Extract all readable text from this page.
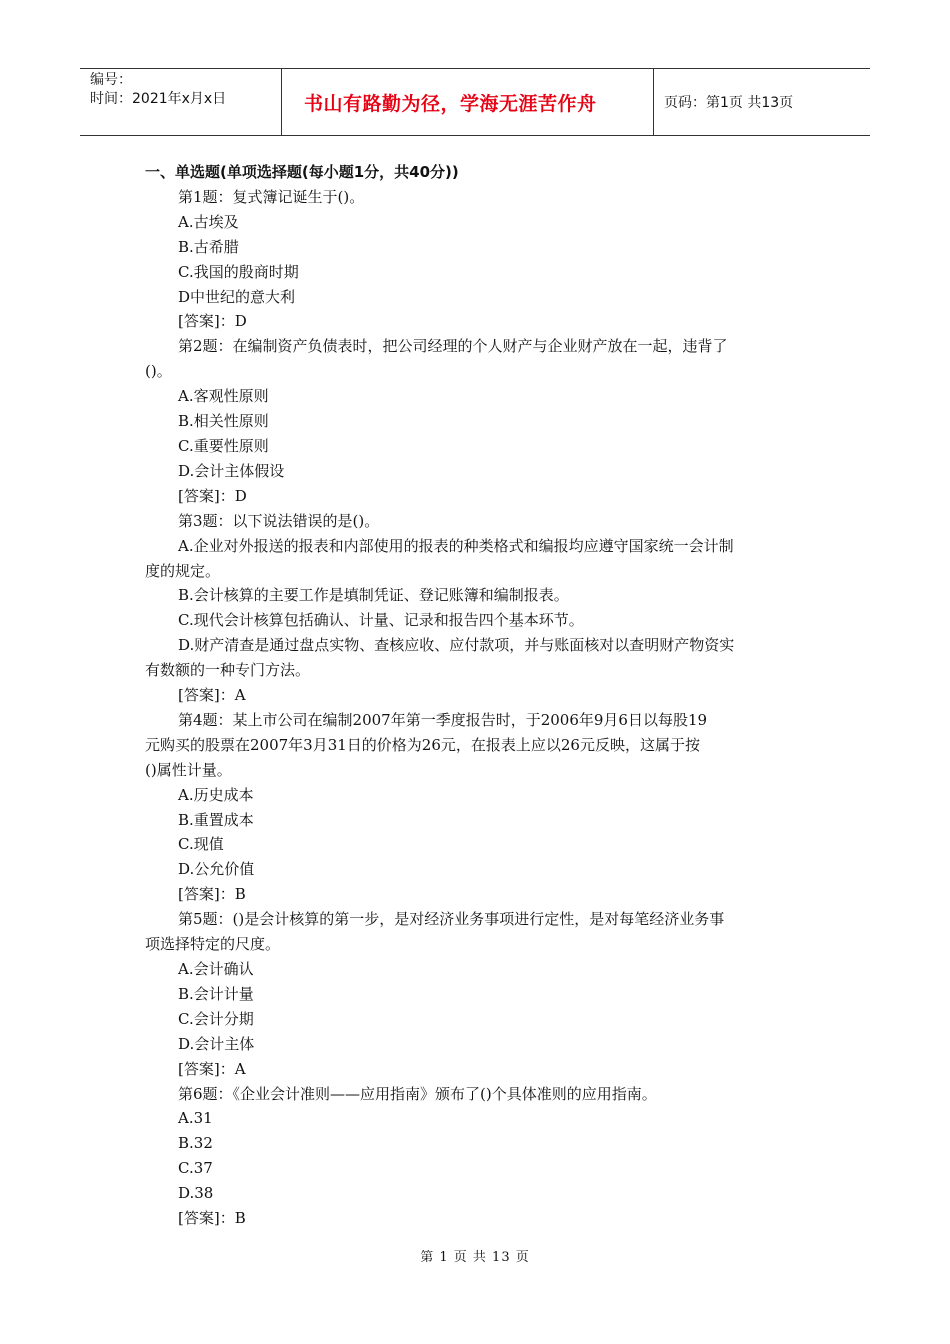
编号：
时间：2021年x月x日	书山有路勤为径，学海无涯苦作舟	页码：第1页 共13页
一、单选题(单项选择题(每小题1分，共40分))
第1题：复式簿记诞生于()。
A.古埃及
B.古希腊
C.我国的殷商时期
D中世纪的意大利
[答案]：D
第2题：在编制资产负债表时，把公司经理的个人财产与企业财产放在一起，违背了
()。
A.客观性原则
B.相关性原则
C.重要性原则
D.会计主体假设
[答案]：D
第3题：以下说法错误的是()。
A.企业对外报送的报表和内部使用的报表的种类格式和编报均应遵守国家统一会计制
度的规定。
B.会计核算的主要工作是填制凭证、登记账簿和编制报表。
C.现代会计核算包括确认、计量、记录和报告四个基本环节。
D.财产清查是通过盘点实物、查核应收、应付款项，并与账面核对以查明财产物资实
有数额的一种专门方法。
[答案]：A
第4题：某上市公司在编制2007年第一季度报告时，于2006年9月6日以每股19
元购买的股票在2007年3月31日的价格为26元，在报表上应以26元反映，这属于按
()属性计量。
A.历史成本
B.重置成本
C.现值
D.公允价值
[答案]：B
第5题：()是会计核算的第一步，是对经济业务事项进行定性，是对每笔经济业务事
项选择特定的尺度。
A.会计确认
B.会计计量
C.会计分期
D.会计主体
[答案]：A
第6题：《企业会计准则——应用指南》颁布了()个具体准则的应用指南。
A.31
B.32
C.37
D.38
[答案]：B
第 1 页 共 13 页
